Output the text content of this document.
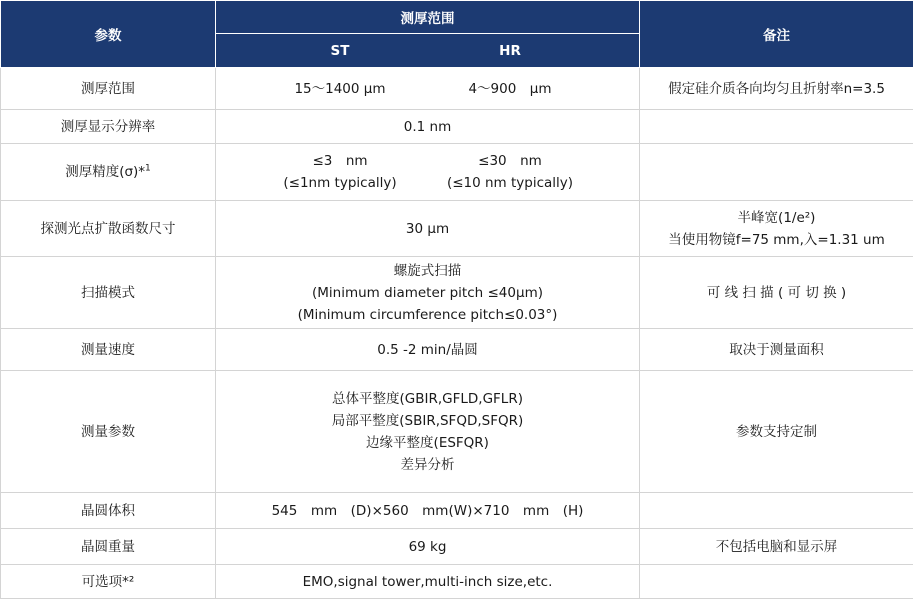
参数	测厚范围	备注

	ST HR	

测厚范围	15～1400 μm 4～900　μm	假定硅介质各向均匀且折射率n=3.5
测厚显示分辨率	0.1 nm	
测厚精度(σ)*$^1$	≤3　nm ≤30　nm
(≤1nm typically) (≤10 nm typically)	

探测光点扩散函数尺寸	30 μm	半峰宽(1/e²)
当使用物镜f=75 mm,入=1.31 um

扫描模式	螺旋式扫描
(Minimum diameter pitch ≤40μm)
(Minimum circumference pitch≤0.03°)	可 线 扫 描 ( 可 切 换 )
测量速度	0.5 -2 min/晶圆	取决于测量面积
测量参数	总体平整度(GBIR,GFLD,GFLR)
局部平整度(SBIR,SFQD,SFQR)
边缘平整度(ESFQR)
差异分析	参数支持定制
晶圆体积	545　mm　(D)×560　mm(W)×710　mm　(H)	
晶圆重量	69 kg	不包括电脑和显示屏
可选项*²	EMO,signal tower,multi-inch size,etc.	
